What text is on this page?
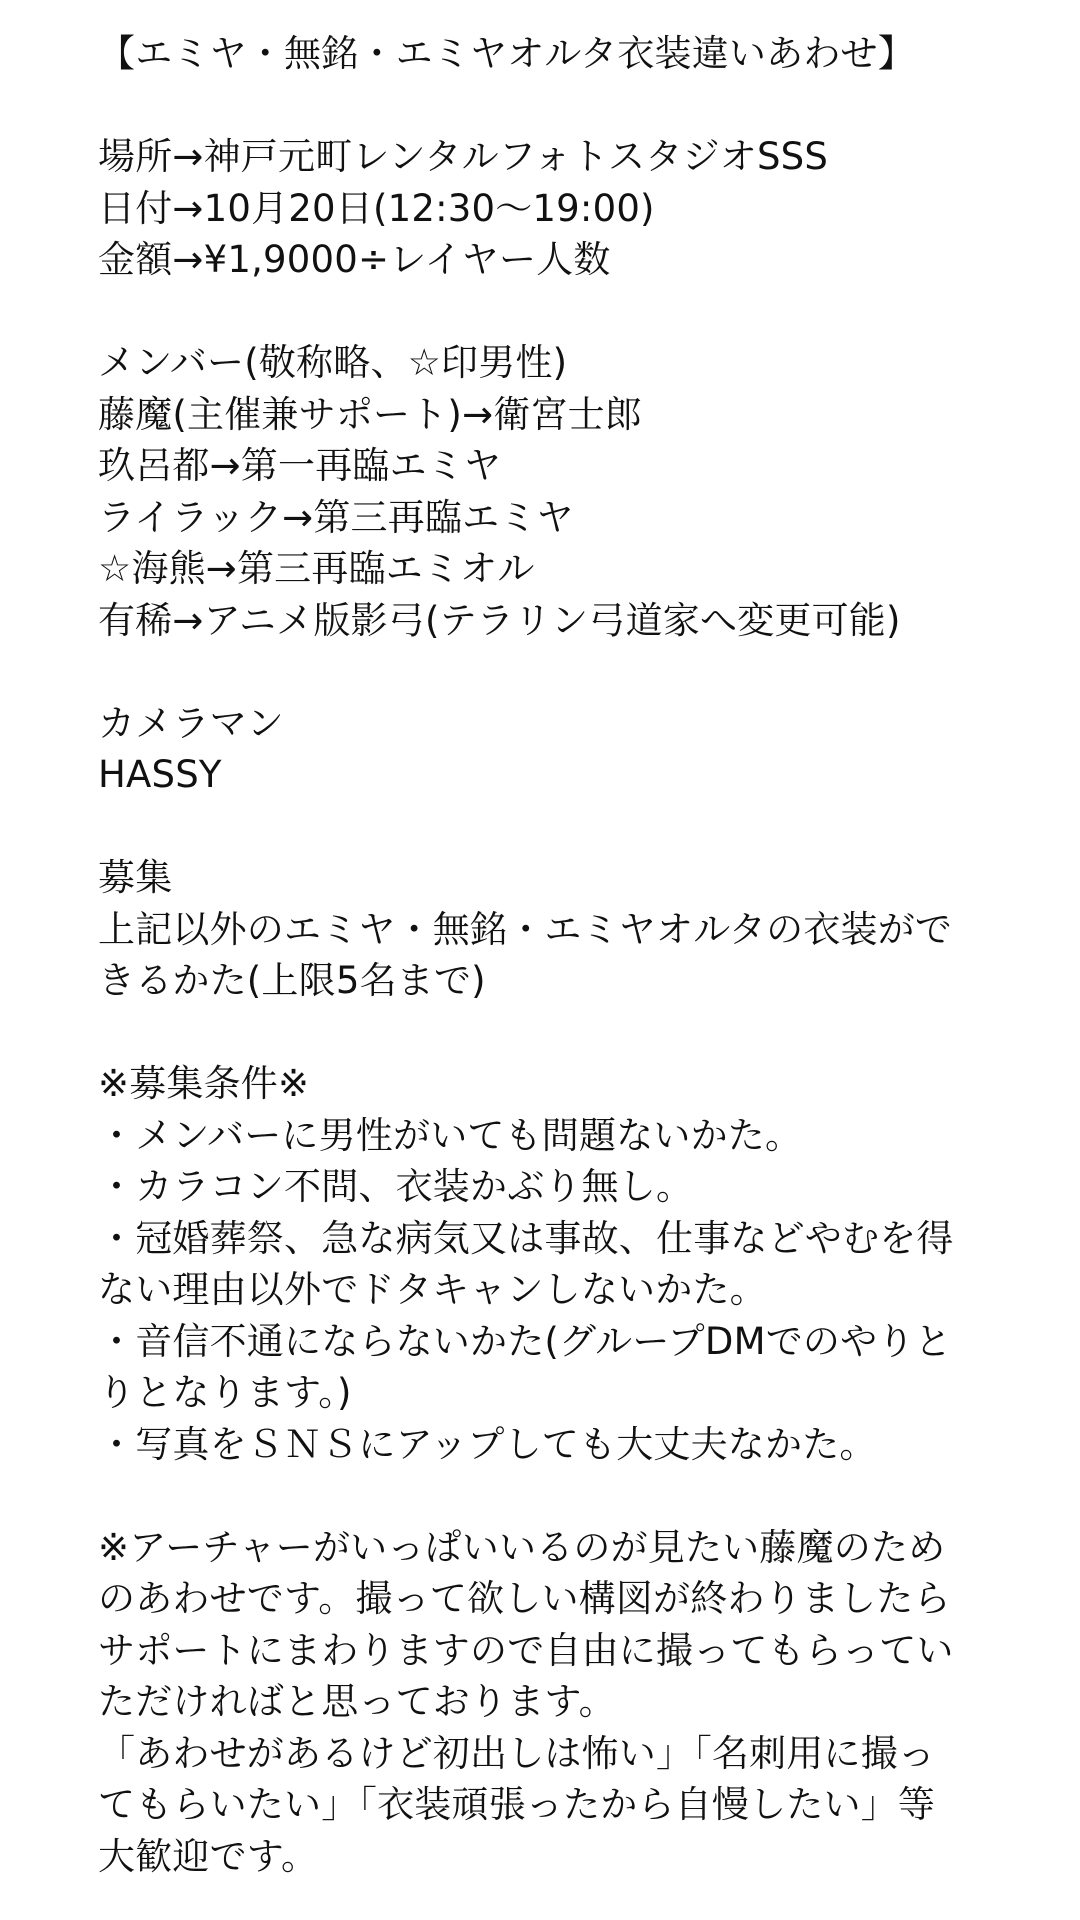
【エミヤ・無銘・エミヤオルタ衣装違いあわせ】
場所→神戸元町レンタルフォトスタジオSSS
日付→10月20日(12:30〜19:00)
金額→¥1,9000÷レイヤー人数
メンバー(敬称略、☆印男性)
藤魔(主催兼サポート)→衛宮士郎
玖呂都→第一再臨エミヤ
ライラック→第三再臨エミヤ
☆海熊→第三再臨エミオル
有稀→アニメ版影弓(テラリン弓道家へ変更可能)
カメラマン
HASSY
募集
上記以外のエミヤ・無銘・エミヤオルタの衣装がで
きるかた(上限5名まで)
※募集条件※
・メンバーに男性がいても問題ないかた。
・カラコン不問、衣装かぶり無し。
・冠婚葬祭、急な病気又は事故、仕事などやむを得
ない理由以外でドタキャンしないかた。
・音信不通にならないかた(グループDMでのやりと
りとなります。)
・写真をＳＮＳにアップしても大丈夫なかた。
※アーチャーがいっぱいいるのが見たい藤魔のため
のあわせです。撮って欲しい構図が終わりましたら
サポートにまわりますので自由に撮ってもらってい
ただければと思っております。
「あわせがあるけど初出しは怖い」「名刺用に撮っ
てもらいたい」「衣装頑張ったから自慢したい」等
大歓迎です。
